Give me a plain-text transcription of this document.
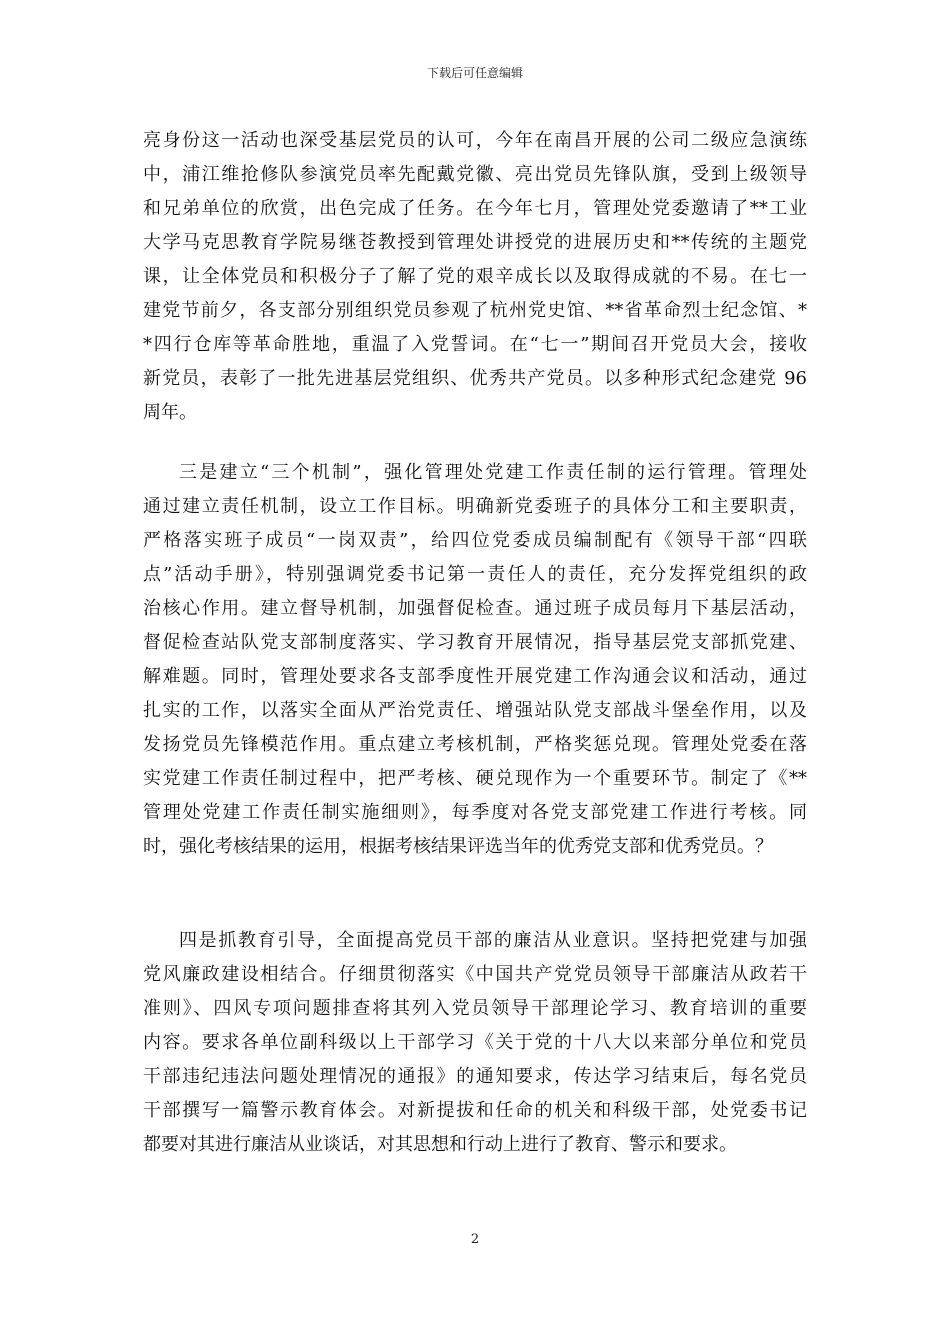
下载后可任意编辑
亮身份这一活动也深受基层党员的认可，今年在南昌开展的公司二级应急演练
中，浦江维抢修队参演党员率先配戴党徽、亮出党员先锋队旗，受到上级领导
和兄弟单位的欣赏，出色完成了任务。在今年七月，管理处党委邀请了**工业
大学马克思教育学院易继苍教授到管理处讲授党的进展历史和**传统的主题党
课，让全体党员和积极分子了解了党的艰辛成长以及取得成就的不易。在七一
建党节前夕，各支部分别组织党员参观了杭州党史馆、**省革命烈士纪念馆、*
*四行仓库等革命胜地，重温了入党誓词。在“七一”期间召开党员大会，接收
新党员，表彰了一批先进基层党组织、优秀共产党员。以多种形式纪念建党 96
周年。
三是建立“三个机制”，强化管理处党建工作责任制的运行管理。管理处
通过建立责任机制，设立工作目标。明确新党委班子的具体分工和主要职责，
严格落实班子成员“一岗双责”，给四位党委成员编制配有《领导干部“四联
点”活动手册》，特别强调党委书记第一责任人的责任，充分发挥党组织的政
治核心作用。建立督导机制，加强督促检查。通过班子成员每月下基层活动，
督促检查站队党支部制度落实、学习教育开展情况，指导基层党支部抓党建、
解难题。同时，管理处要求各支部季度性开展党建工作沟通会议和活动，通过
扎实的工作，以落实全面从严治党责任、增强站队党支部战斗堡垒作用，以及
发扬党员先锋模范作用。重点建立考核机制，严格奖惩兑现。管理处党委在落
实党建工作责任制过程中，把严考核、硬兑现作为一个重要环节。制定了《**
管理处党建工作责任制实施细则》，每季度对各党支部党建工作进行考核。同
时，强化考核结果的运用，根据考核结果评选当年的优秀党支部和优秀党员。？
四是抓教育引导，全面提高党员干部的廉洁从业意识。坚持把党建与加强
党风廉政建设相结合。仔细贯彻落实《中国共产党党员领导干部廉洁从政若干
准则》、四风专项问题排查将其列入党员领导干部理论学习、教育培训的重要
内容。要求各单位副科级以上干部学习《关于党的十八大以来部分单位和党员
干部违纪违法问题处理情况的通报》的通知要求，传达学习结束后，每名党员
干部撰写一篇警示教育体会。对新提拔和任命的机关和科级干部，处党委书记
都要对其进行廉洁从业谈话，对其思想和行动上进行了教育、警示和要求。
2
